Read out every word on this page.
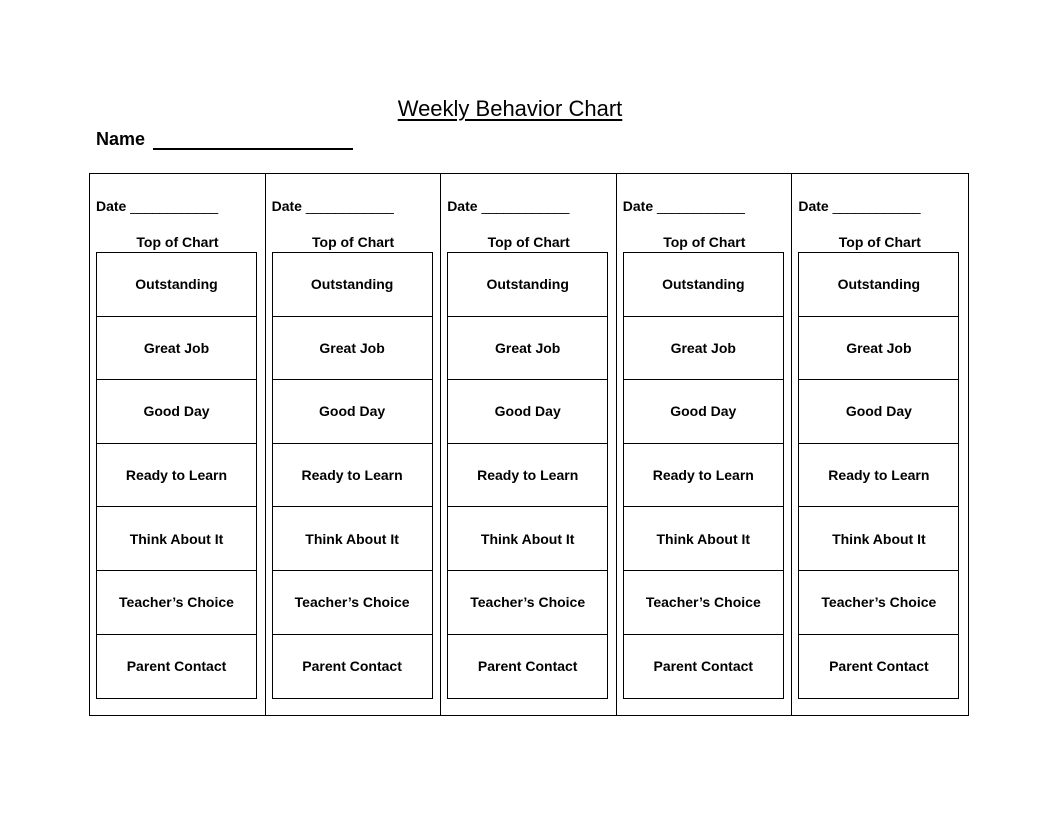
Weekly Behavior Chart
Name
Date ____________
Top of Chart
Outstanding
Great Job
Good Day
Ready to Learn
Think About It
Teacher’s Choice
Parent Contact
Date ____________
Top of Chart
Outstanding
Great Job
Good Day
Ready to Learn
Think About It
Teacher’s Choice
Parent Contact
Date ____________
Top of Chart
Outstanding
Great Job
Good Day
Ready to Learn
Think About It
Teacher’s Choice
Parent Contact
Date ____________
Top of Chart
Outstanding
Great Job
Good Day
Ready to Learn
Think About It
Teacher’s Choice
Parent Contact
Date ____________
Top of Chart
Outstanding
Great Job
Good Day
Ready to Learn
Think About It
Teacher’s Choice
Parent Contact
